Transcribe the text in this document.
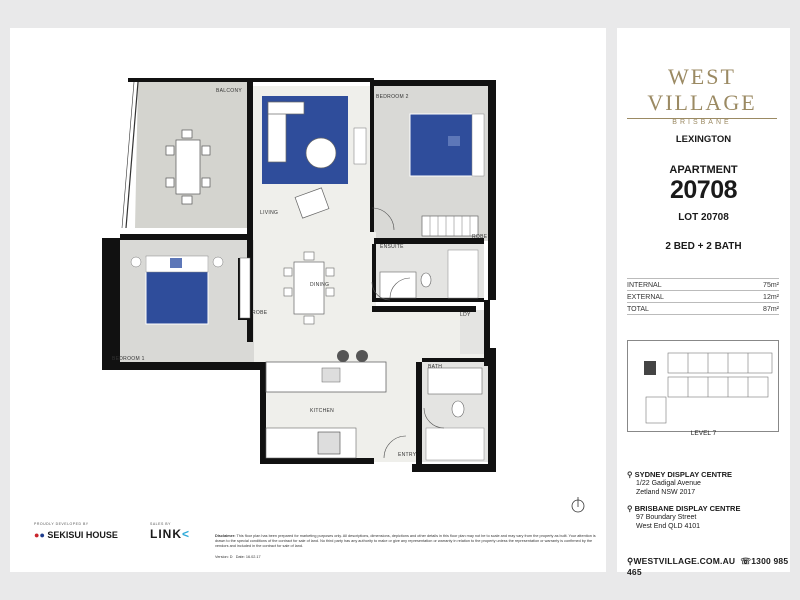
BALCONY
BEDROOM 2
LIVING
ENSUITE
ROBE
DINING
ROBE
BEDROOM 1
LDY
BATH
KITCHEN
ENTRY
PROUDLY DEVELOPED BY
●● SEKISUI HOUSE
SALES BY
LINK<	Disclaimer: This floor plan has been prepared for marketing purposes only. All descriptions, dimensions, depictions and other details in this floor plan may not be to scale and may vary from the property as built. Your attention is drawn to the special conditions of the contract for sale of land. No third party has any authority to make or give any representation or warranty in relation to the property unless the representation or warranty is confirmed by the vendors and included in the contract for sale of land.
Version: D Date: 16.02.17
WEST VILLAGE
BRISBANE
LEXINGTON
APARTMENT
20708
LOT 20708
2 BED + 2 BATH
INTERNAL	75m²
EXTERNAL	12m²
TOTAL	87m²
LEVEL 7
⚲ SYDNEY DISPLAY CENTRE
1/22 Gadigal Avenue
Zetland NSW 2017
⚲ BRISBANE DISPLAY CENTRE
97 Boundary Street
West End QLD 4101
⚲WESTVILLAGE.COM.AU ☏1300 985 465
